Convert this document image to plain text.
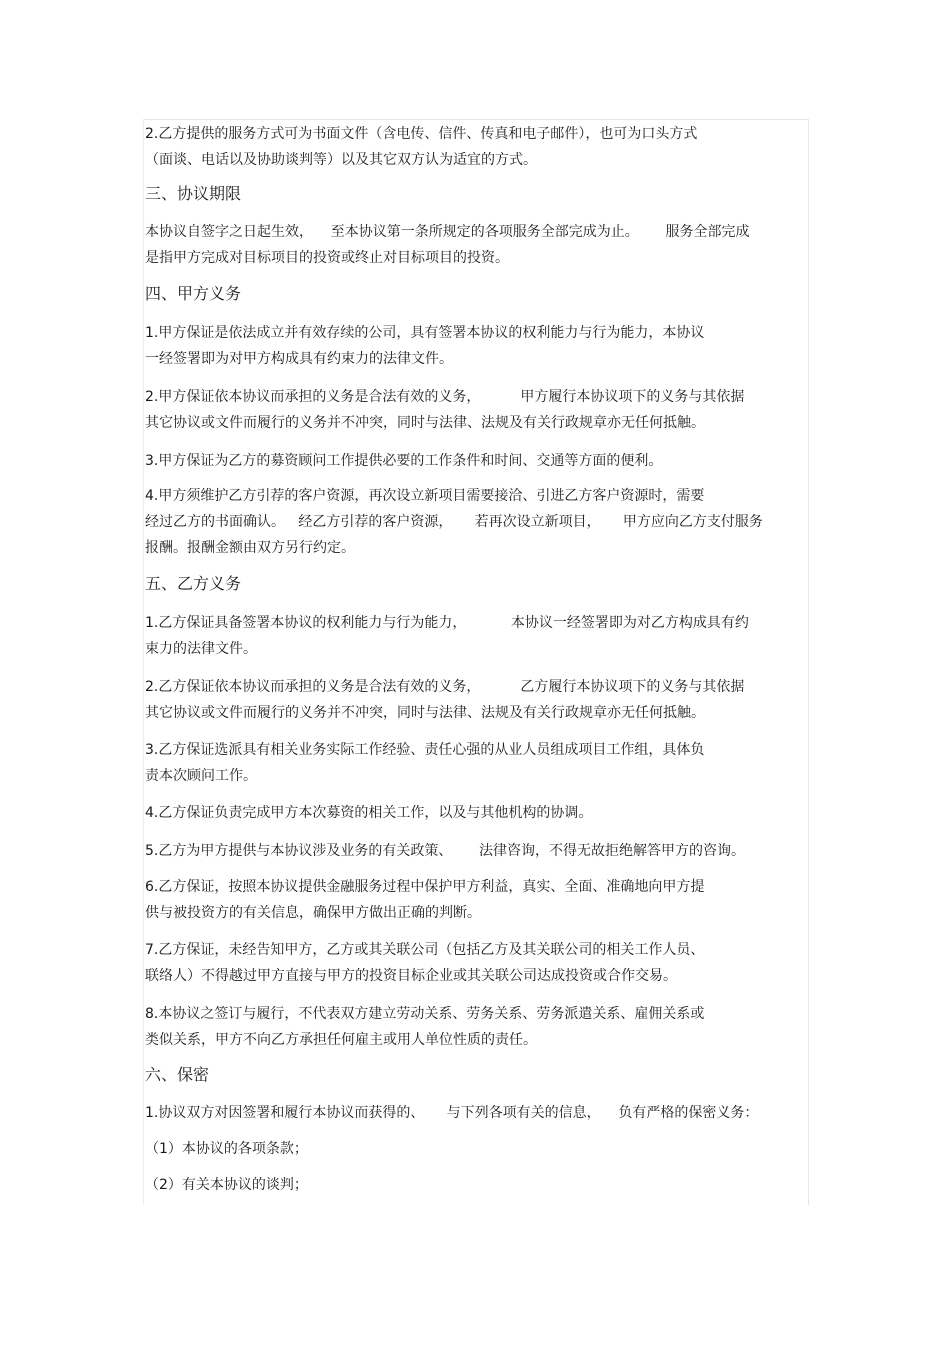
2.乙方提供的服务方式可为书面文件（含电传、信件、传真和电子邮件），也可为口头方式
（面谈、电话以及协助谈判等）以及其它双方认为适宜的方式。
三、协议期限
本协议自签字之日起生效，    至本协议第一条所规定的各项服务全部完成为止。      服务全部完成
是指甲方完成对目标项目的投资或终止对目标项目的投资。
四、甲方义务
1.甲方保证是依法成立并有效存续的公司，具有签署本协议的权利能力与行为能力，本协议
一经签署即为对甲方构成具有约束力的法律文件。
2.甲方保证依本协议而承担的义务是合法有效的义务，         甲方履行本协议项下的义务与其依据
其它协议或文件而履行的义务并不冲突，同时与法律、法规及有关行政规章亦无任何抵触。
3.甲方保证为乙方的募资顾问工作提供必要的工作条件和时间、交通等方面的便利。
4.甲方须维护乙方引荐的客户资源，再次设立新项目需要接洽、引进乙方客户资源时，需要
经过乙方的书面确认。   经乙方引荐的客户资源，     若再次设立新项目，     甲方应向乙方支付服务
报酬。报酬金额由双方另行约定。
五、乙方义务
1.乙方保证具备签署本协议的权利能力与行为能力，          本协议一经签署即为对乙方构成具有约
束力的法律文件。
2.乙方保证依本协议而承担的义务是合法有效的义务，         乙方履行本协议项下的义务与其依据
其它协议或文件而履行的义务并不冲突，同时与法律、法规及有关行政规章亦无任何抵触。
3.乙方保证选派具有相关业务实际工作经验、责任心强的从业人员组成项目工作组，具体负
责本次顾问工作。
4.乙方保证负责完成甲方本次募资的相关工作，以及与其他机构的协调。
5.乙方为甲方提供与本协议涉及业务的有关政策、      法律咨询，不得无故拒绝解答甲方的咨询。
6.乙方保证，按照本协议提供金融服务过程中保护甲方利益，真实、全面、准确地向甲方提
供与被投资方的有关信息，确保甲方做出正确的判断。
7.乙方保证，未经告知甲方，乙方或其关联公司（包括乙方及其关联公司的相关工作人员、
联络人）不得越过甲方直接与甲方的投资目标企业或其关联公司达成投资或合作交易。
8.本协议之签订与履行，不代表双方建立劳动关系、劳务关系、劳务派遣关系、雇佣关系或
类似关系，甲方不向乙方承担任何雇主或用人单位性质的责任。
六、保密
1.协议双方对因签署和履行本协议而获得的、     与下列各项有关的信息，    负有严格的保密义务：
（1）本协议的各项条款；
（2）有关本协议的谈判；
